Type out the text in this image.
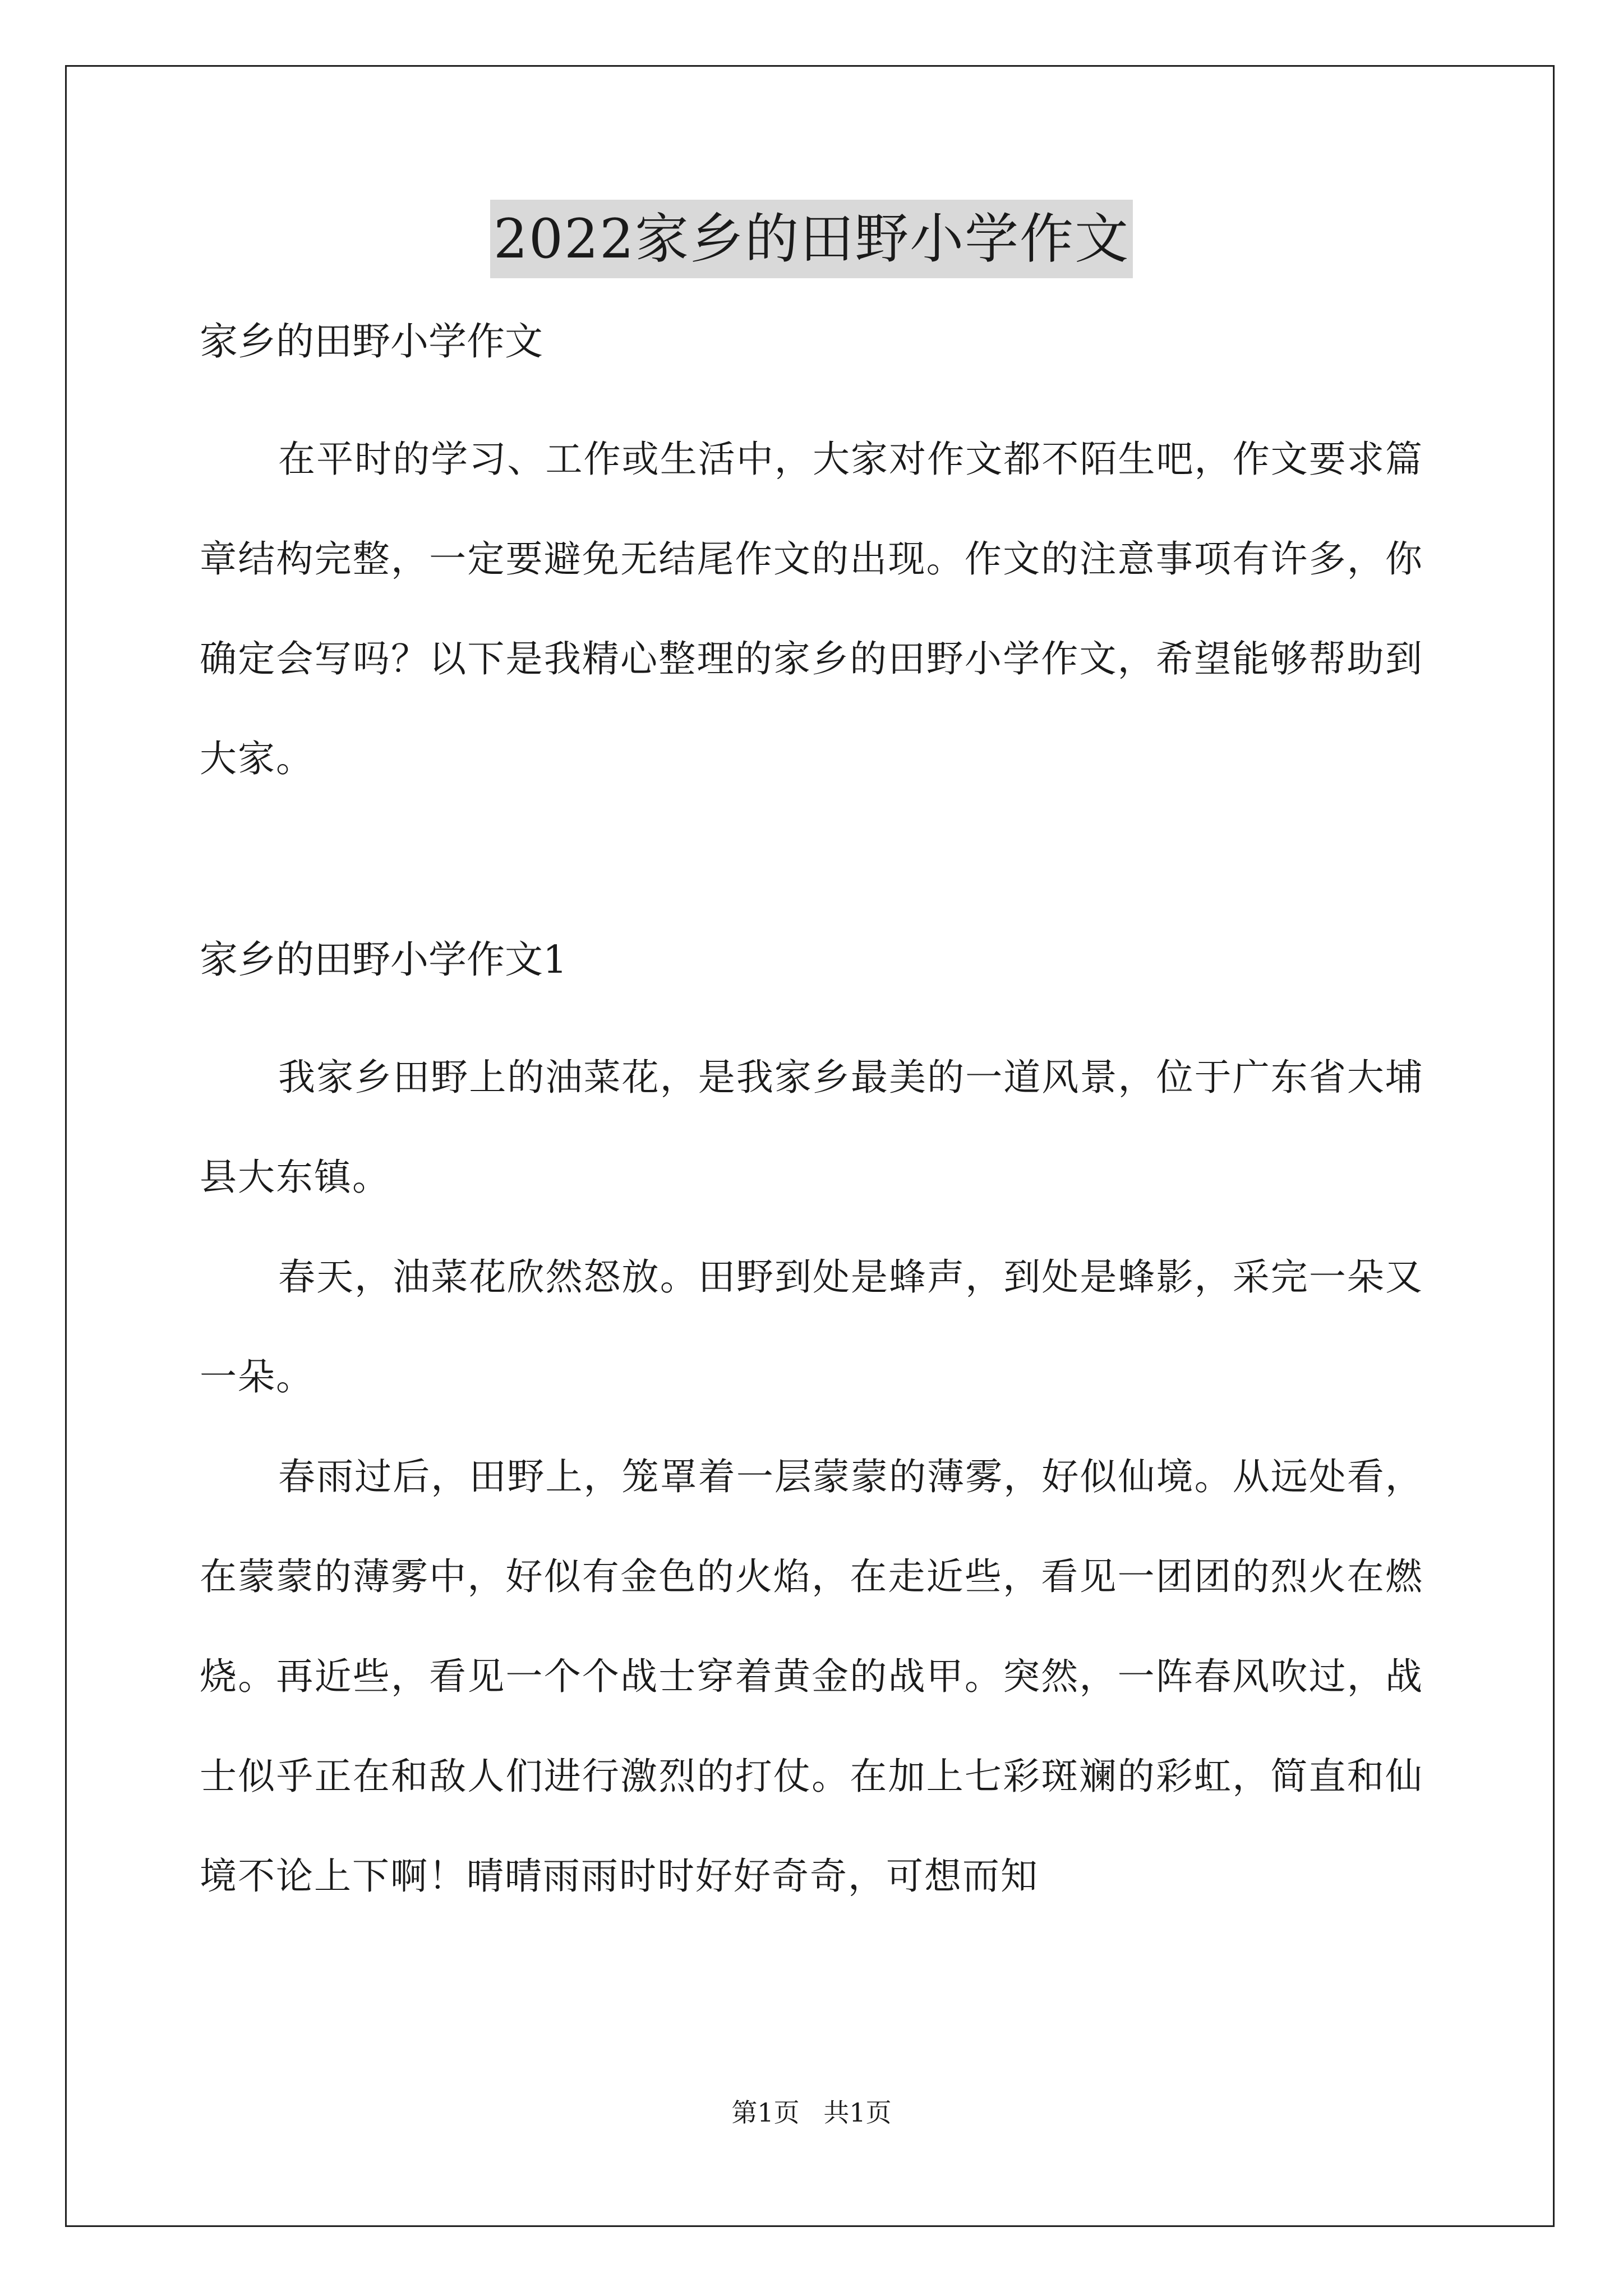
2022家乡的田野小学作文

家乡的田野小学作文

在平时的学习、工作或生活中，大家对作文都不陌生吧，作文要求篇章结构完整，一定要避免无结尾作文的出现。作文的注意事项有许多，你确定会写吗？以下是我精心整理的家乡的田野小学作文，希望能够帮助到大家。

家乡的田野小学作文1

我家乡田野上的油菜花，是我家乡最美的一道风景，位于广东省大埔县大东镇。

春天，油菜花欣然怒放。田野到处是蜂声，到处是蜂影，采完一朵又一朵。

春雨过后，田野上，笼罩着一层蒙蒙的薄雾，好似仙境。从远处看，在蒙蒙的薄雾中，好似有金色的火焰，在走近些，看见一团团的烈火在燃烧。再近些，看见一个个战士穿着黄金的战甲。突然，一阵春风吹过，战士似乎正在和敌人们进行激烈的打仗。在加上七彩斑斓的彩虹，简直和仙境不论上下啊！晴晴雨雨时时好好奇奇，可想而知

第1页 共1页
